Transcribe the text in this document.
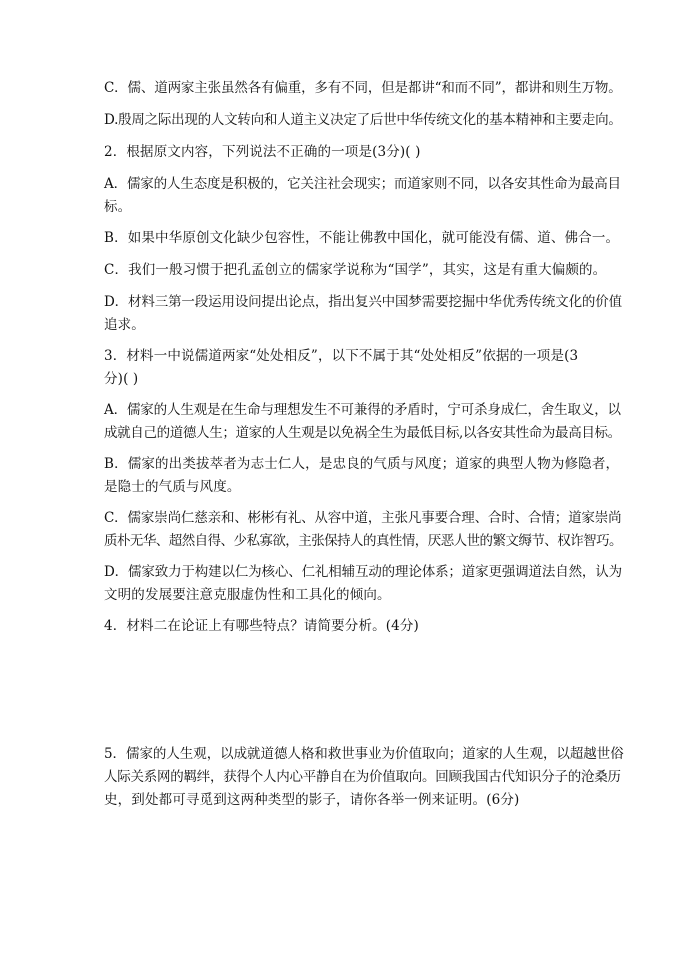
C．儒、道两家主张虽然各有偏重，多有不同，但是都讲“和而不同”，都讲和则生万物。
D.殷周之际出现的人文转向和人道主义决定了后世中华传统文化的基本精神和主要走向。
2．根据原文内容，下列说法不正确的一项是(3分)( )
A．儒家的人生态度是积极的，它关注社会现实；而道家则不同，以各安其性命为最高目
标。
B．如果中华原创文化缺少包容性，不能让佛教中国化，就可能没有儒、道、佛合一。
C．我们一般习惯于把孔孟创立的儒家学说称为“国学”，其实，这是有重大偏颇的。
D．材料三第一段运用设问提出论点，指出复兴中国梦需要挖掘中华优秀传统文化的价值
追求。
3．材料一中说儒道两家“处处相反”，以下不属于其“处处相反”依据的一项是(3
分)( )
A．儒家的人生观是在生命与理想发生不可兼得的矛盾时，宁可杀身成仁，舍生取义，以
成就自己的道德人生；道家的人生观是以免祸全生为最低目标,以各安其性命为最高目标。
B．儒家的出类拔萃者为志士仁人，是忠良的气质与风度；道家的典型人物为修隐者，
是隐士的气质与风度。
C．儒家崇尚仁慈亲和、彬彬有礼、从容中道，主张凡事要合理、合时、合情；道家崇尚
质朴无华、超然自得、少私寡欲，主张保持人的真性情，厌恶人世的繁文缛节、权诈智巧。
D．儒家致力于构建以仁为核心、仁礼相辅互动的理论体系；道家更强调道法自然，认为
文明的发展要注意克服虚伪性和工具化的倾向。
4．材料二在论证上有哪些特点？请简要分析。(4分)
5．儒家的人生观，以成就道德人格和救世事业为价值取向；道家的人生观，以超越世俗
人际关系网的羁绊，获得个人内心平静自在为价值取向。回顾我国古代知识分子的沧桑历
史，到处都可寻觅到这两种类型的影子，请你各举一例来证明。(6分)
